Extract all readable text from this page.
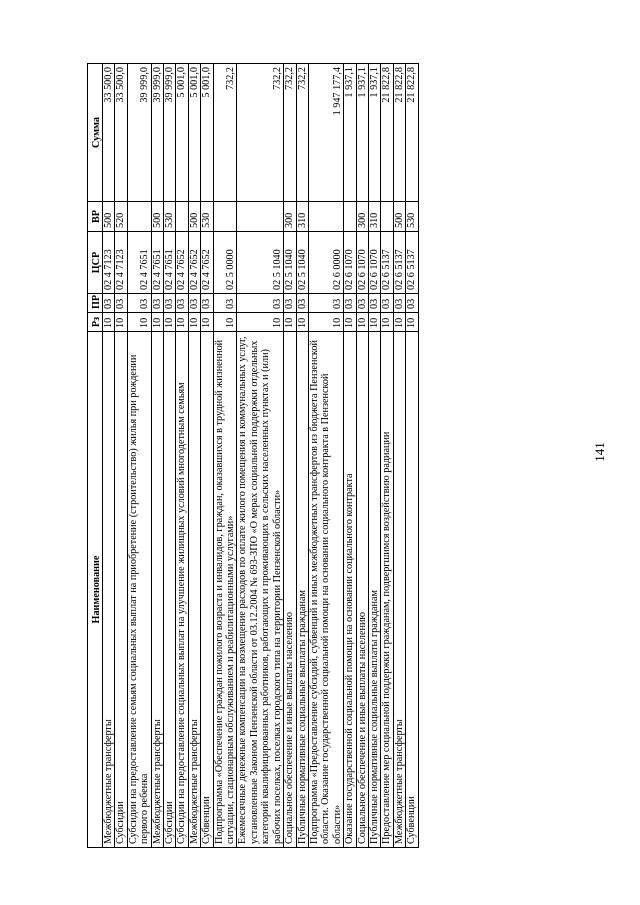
141
Наименование	Рз	ПР	ЦСР	ВР	Сумма
Межбюджетные трансферты	10	03	02 4 7123	500	33 500,0
Субсидии	10	03	02 4 7123	520	33 500,0
Субсидии на предоставление семьям социальных выплат на приобретение (строительство) жилья при рождении первого ребенка	10	03	02 4 7651		39 999,0
Межбюджетные трансферты	10	03	02 4 7651	500	39 999,0
Субсидии	10	03	02 4 7651	530	39 999,0
Субсидии на предоставление социальных выплат на улучшение жилищных условий многодетным семьям	10	03	02 4 7652		5 001,0
Межбюджетные трансферты	10	03	02 4 7652	500	5 001,0
Субвенции	10	03	02 4 7652	530	5 001,0
Подпрограмма «Обеспечение граждан пожилого возраста и инвалидов, граждан, оказавшихся в трудной жизненной ситуации, стационарным обслуживанием и реабилитационными услугами»	10	03	02 5 0000		732,2
Ежемесячные денежные компенсации на возмещение расходов по оплате жилого помещения и коммунальных услуг, установленные Законом Пензенской области от 03.12.2004 № 693-ЗПО «О мерах социальной поддержки отдельных категорий квалифицированных работников, работающих и проживающих в сельских населенных пунктах и (или) рабочих поселках, поселках городского типа на территории Пензенской области»	10	03	02 5 1040		732,2
Социальное обеспечение и иные выплаты населению	10	03	02 5 1040	300	732,2
Публичные нормативные социальные выплаты гражданам	10	03	02 5 1040	310	732,2
Подпрограмма «Предоставление субсидий, субвенций и иных межбюджетных трансфертов из бюджета Пензенской области. Оказание государственной социальной помощи на основании социального контракта в Пензенской области»	10	03	02 6 0000		1 947 177,4
Оказание государственной социальной помощи на основании социального контракта	10	03	02 6 1070		1 937,1
Социальное обеспечение и иные выплаты населению	10	03	02 6 1070	300	1 937,1
Публичные нормативные социальные выплаты гражданам	10	03	02 6 1070	310	1 937,1
Предоставление мер социальной поддержки гражданам, подвергшимся воздействию радиации	10	03	02 6 5137		21 822,8
Межбюджетные трансферты	10	03	02 6 5137	500	21 822,8
Субвенции	10	03	02 6 5137	530	21 822,8
